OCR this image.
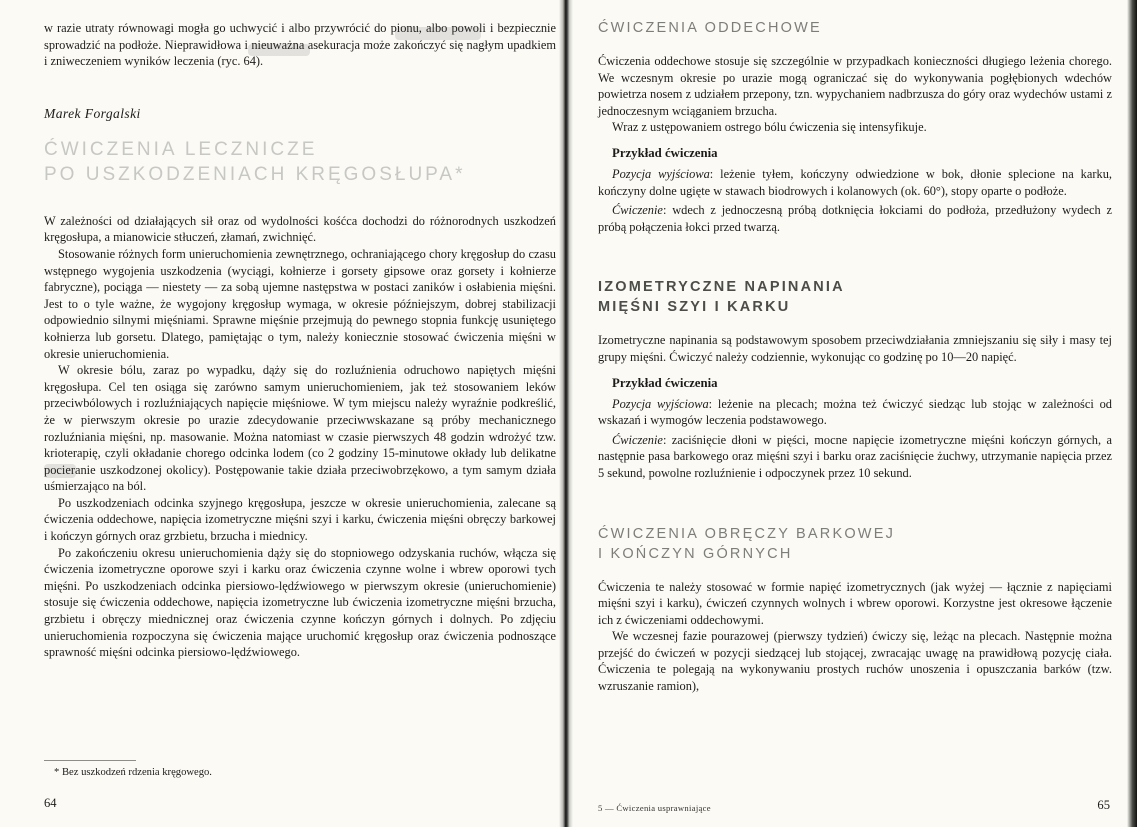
w razie utraty równowagi mogła go uchwycić i albo przywrócić do pionu, albo powoli i bezpiecznie sprowadzić na podłoże. Nieprawidłowa i nieuważna asekuracja może zakończyć się nagłym upadkiem i zniweczeniem wyników leczenia (ryc. 64).

Marek Forgalski

ĆWICZENIA LECZNICZE
PO USZKODZENIACH KRĘGOSŁUPA*

W zależności od działających sił oraz od wydolności kośćca dochodzi do różnorodnych uszkodzeń kręgosłupa, a mianowicie stłuczeń, złamań, zwichnięć.

Stosowanie różnych form unieruchomienia zewnętrznego, ochraniającego chory kręgosłup do czasu wstępnego wygojenia uszkodzenia (wyciągi, kołnierze i gorsety gipsowe oraz gorsety i kołnierze fabryczne), pociąga — niestety — za sobą ujemne następstwa w postaci zaników i osłabienia mięśni. Jest to o tyle ważne, że wygojony kręgosłup wymaga, w okresie późniejszym, dobrej stabilizacji odpowiednio silnymi mięśniami. Sprawne mięśnie przejmują do pewnego stopnia funkcję usuniętego kołnierza lub gorsetu. Dlatego, pamiętając o tym, należy koniecznie stosować ćwiczenia mięśni w okresie unieruchomienia.

W okresie bólu, zaraz po wypadku, dąży się do rozluźnienia odruchowo napiętych mięśni kręgosłupa. Cel ten osiąga się zarówno samym unieruchomieniem, jak też stosowaniem leków przeciwbólowych i rozluźniających napięcie mięśniowe. W tym miejscu należy wyraźnie podkreślić, że w pierwszym okresie po urazie zdecydowanie przeciwwskazane są próby mechanicznego rozluźniania mięśni, np. masowanie. Można natomiast w czasie pierwszych 48 godzin wdrożyć tzw. krioterapię, czyli okładanie chorego odcinka lodem (co 2 godziny 15-minutowe okłady lub delikatne pocieranie uszkodzonej okolicy). Postępowanie takie działa przeciwobrzękowo, a tym samym działa uśmierzająco na ból.

Po uszkodzeniach odcinka szyjnego kręgosłupa, jeszcze w okresie unieruchomienia, zalecane są ćwiczenia oddechowe, napięcia izometryczne mięśni szyi i karku, ćwiczenia mięśni obręczy barkowej i kończyn górnych oraz grzbietu, brzucha i miednicy.

Po zakończeniu okresu unieruchomienia dąży się do stopniowego odzyskania ruchów, włącza się ćwiczenia izometryczne oporowe szyi i karku oraz ćwiczenia czynne wolne i wbrew oporowi tych mięśni. Po uszkodzeniach odcinka piersiowo-lędźwiowego w pierwszym okresie (unieruchomienie) stosuje się ćwiczenia oddechowe, napięcia izometryczne lub ćwiczenia izometryczne mięśni brzucha, grzbietu i obręczy miednicznej oraz ćwiczenia czynne kończyn górnych i dolnych. Po zdjęciu unieruchomienia rozpoczyna się ćwiczenia mające uruchomić kręgosłup oraz ćwiczenia podnoszące sprawność mięśni odcinka piersiowo-lędźwiowego.

* Bez uszkodzeń rdzenia kręgowego.

64
ĆWICZENIA ODDECHOWE

Ćwiczenia oddechowe stosuje się szczególnie w przypadkach konieczności długiego leżenia chorego. We wczesnym okresie po urazie mogą ograniczać się do wykonywania pogłębionych wdechów powietrza nosem z udziałem przepony, tzn. wypychaniem nadbrzusza do góry oraz wydechów ustami z jednoczesnym wciąganiem brzucha.

Wraz z ustępowaniem ostrego bólu ćwiczenia się intensyfikuje.

Przykład ćwiczenia

Pozycja wyjściowa: leżenie tyłem, kończyny odwiedzione w bok, dłonie splecione na karku, kończyny dolne ugięte w stawach biodrowych i kolanowych (ok. 60°), stopy oparte o podłoże.

Ćwiczenie: wdech z jednoczesną próbą dotknięcia łokciami do podłoża, przedłużony wydech z próbą połączenia łokci przed twarzą.

IZOMETRYCZNE NAPINANIA
MIĘŚNI SZYI I KARKU

Izometryczne napinania są podstawowym sposobem przeciwdziałania zmniejszaniu się siły i masy tej grupy mięśni. Ćwiczyć należy codziennie, wykonując co godzinę po 10—20 napięć.

Przykład ćwiczenia

Pozycja wyjściowa: leżenie na plecach; można też ćwiczyć siedząc lub stojąc w zależności od wskazań i wymogów leczenia podstawowego.

Ćwiczenie: zaciśnięcie dłoni w pięści, mocne napięcie izometryczne mięśni kończyn górnych, a następnie pasa barkowego oraz mięśni szyi i barku oraz zaciśnięcie żuchwy, utrzymanie napięcia przez 5 sekund, powolne rozluźnienie i odpoczynek przez 10 sekund.

ĆWICZENIA OBRĘCZY BARKOWEJ
I KOŃCZYN GÓRNYCH

Ćwiczenia te należy stosować w formie napięć izometrycznych (jak wyżej — łącznie z napięciami mięśni szyi i karku), ćwiczeń czynnych wolnych i wbrew oporowi. Korzystne jest okresowe łączenie ich z ćwiczeniami oddechowymi.

We wczesnej fazie pourazowej (pierwszy tydzień) ćwiczy się, leżąc na plecach. Następnie można przejść do ćwiczeń w pozycji siedzącej lub stojącej, zwracając uwagę na prawidłową pozycję ciała. Ćwiczenia te polegają na wykonywaniu prostych ruchów unoszenia i opuszczania barków (tzw. wzruszanie ramion),

5 — Ćwiczenia usprawniające	65
